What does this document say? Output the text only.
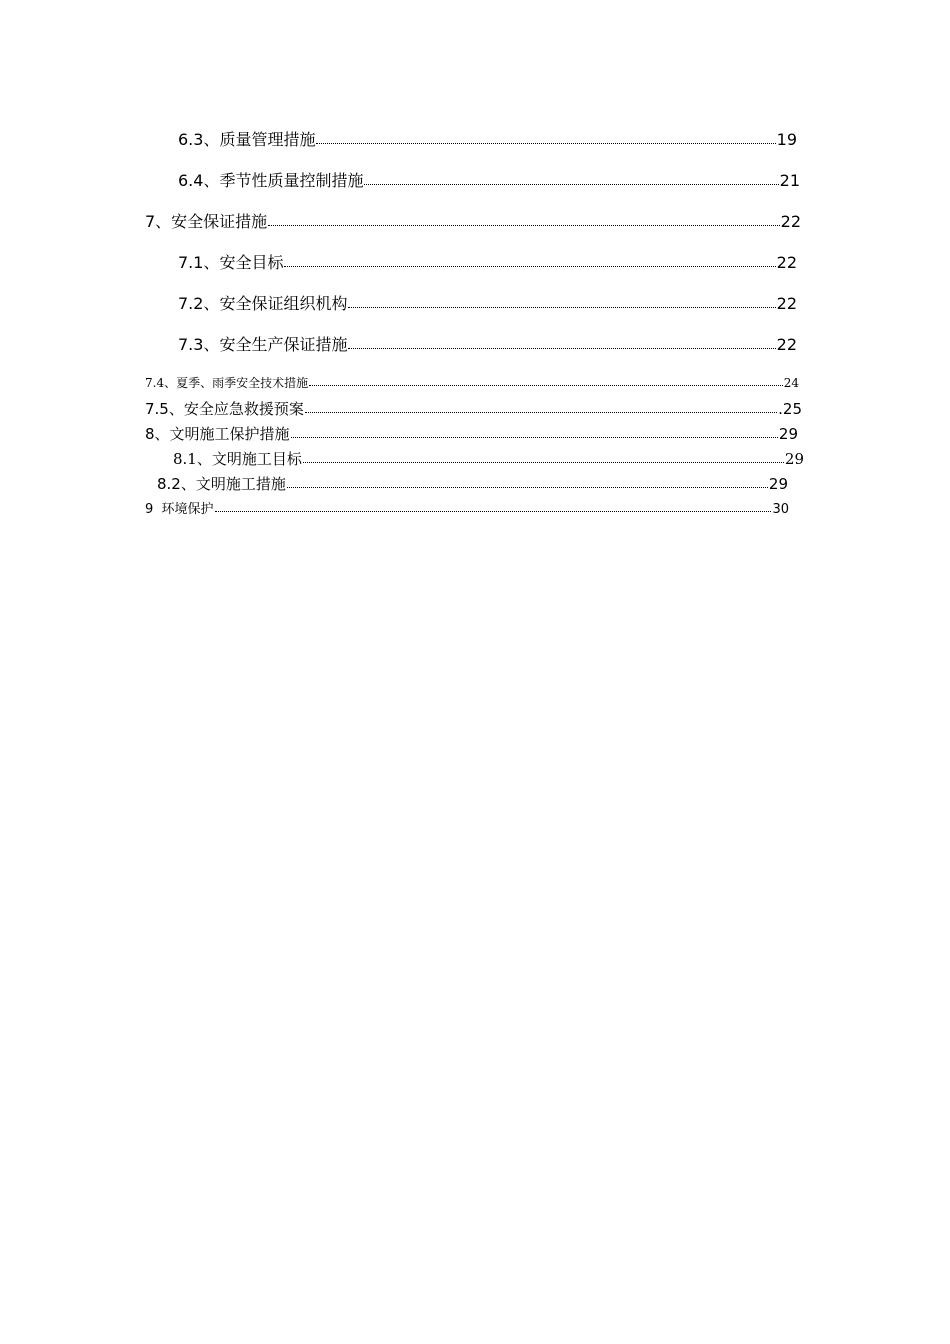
6.3、质量管理措施	19
6.4、季节性质量控制措施	21
7、安全保证措施	22
7.1、安全目标	22
7.2、安全保证组织机构	22
7.3、安全生产保证措施	22
7.4、夏季、雨季安全技术措施	24
7.5、安全应急救援预案	.25
8、文明施工保护措施	29
8.1、文明施工目标	29
8.2、文明施工措施	29
9  环境保护	30
